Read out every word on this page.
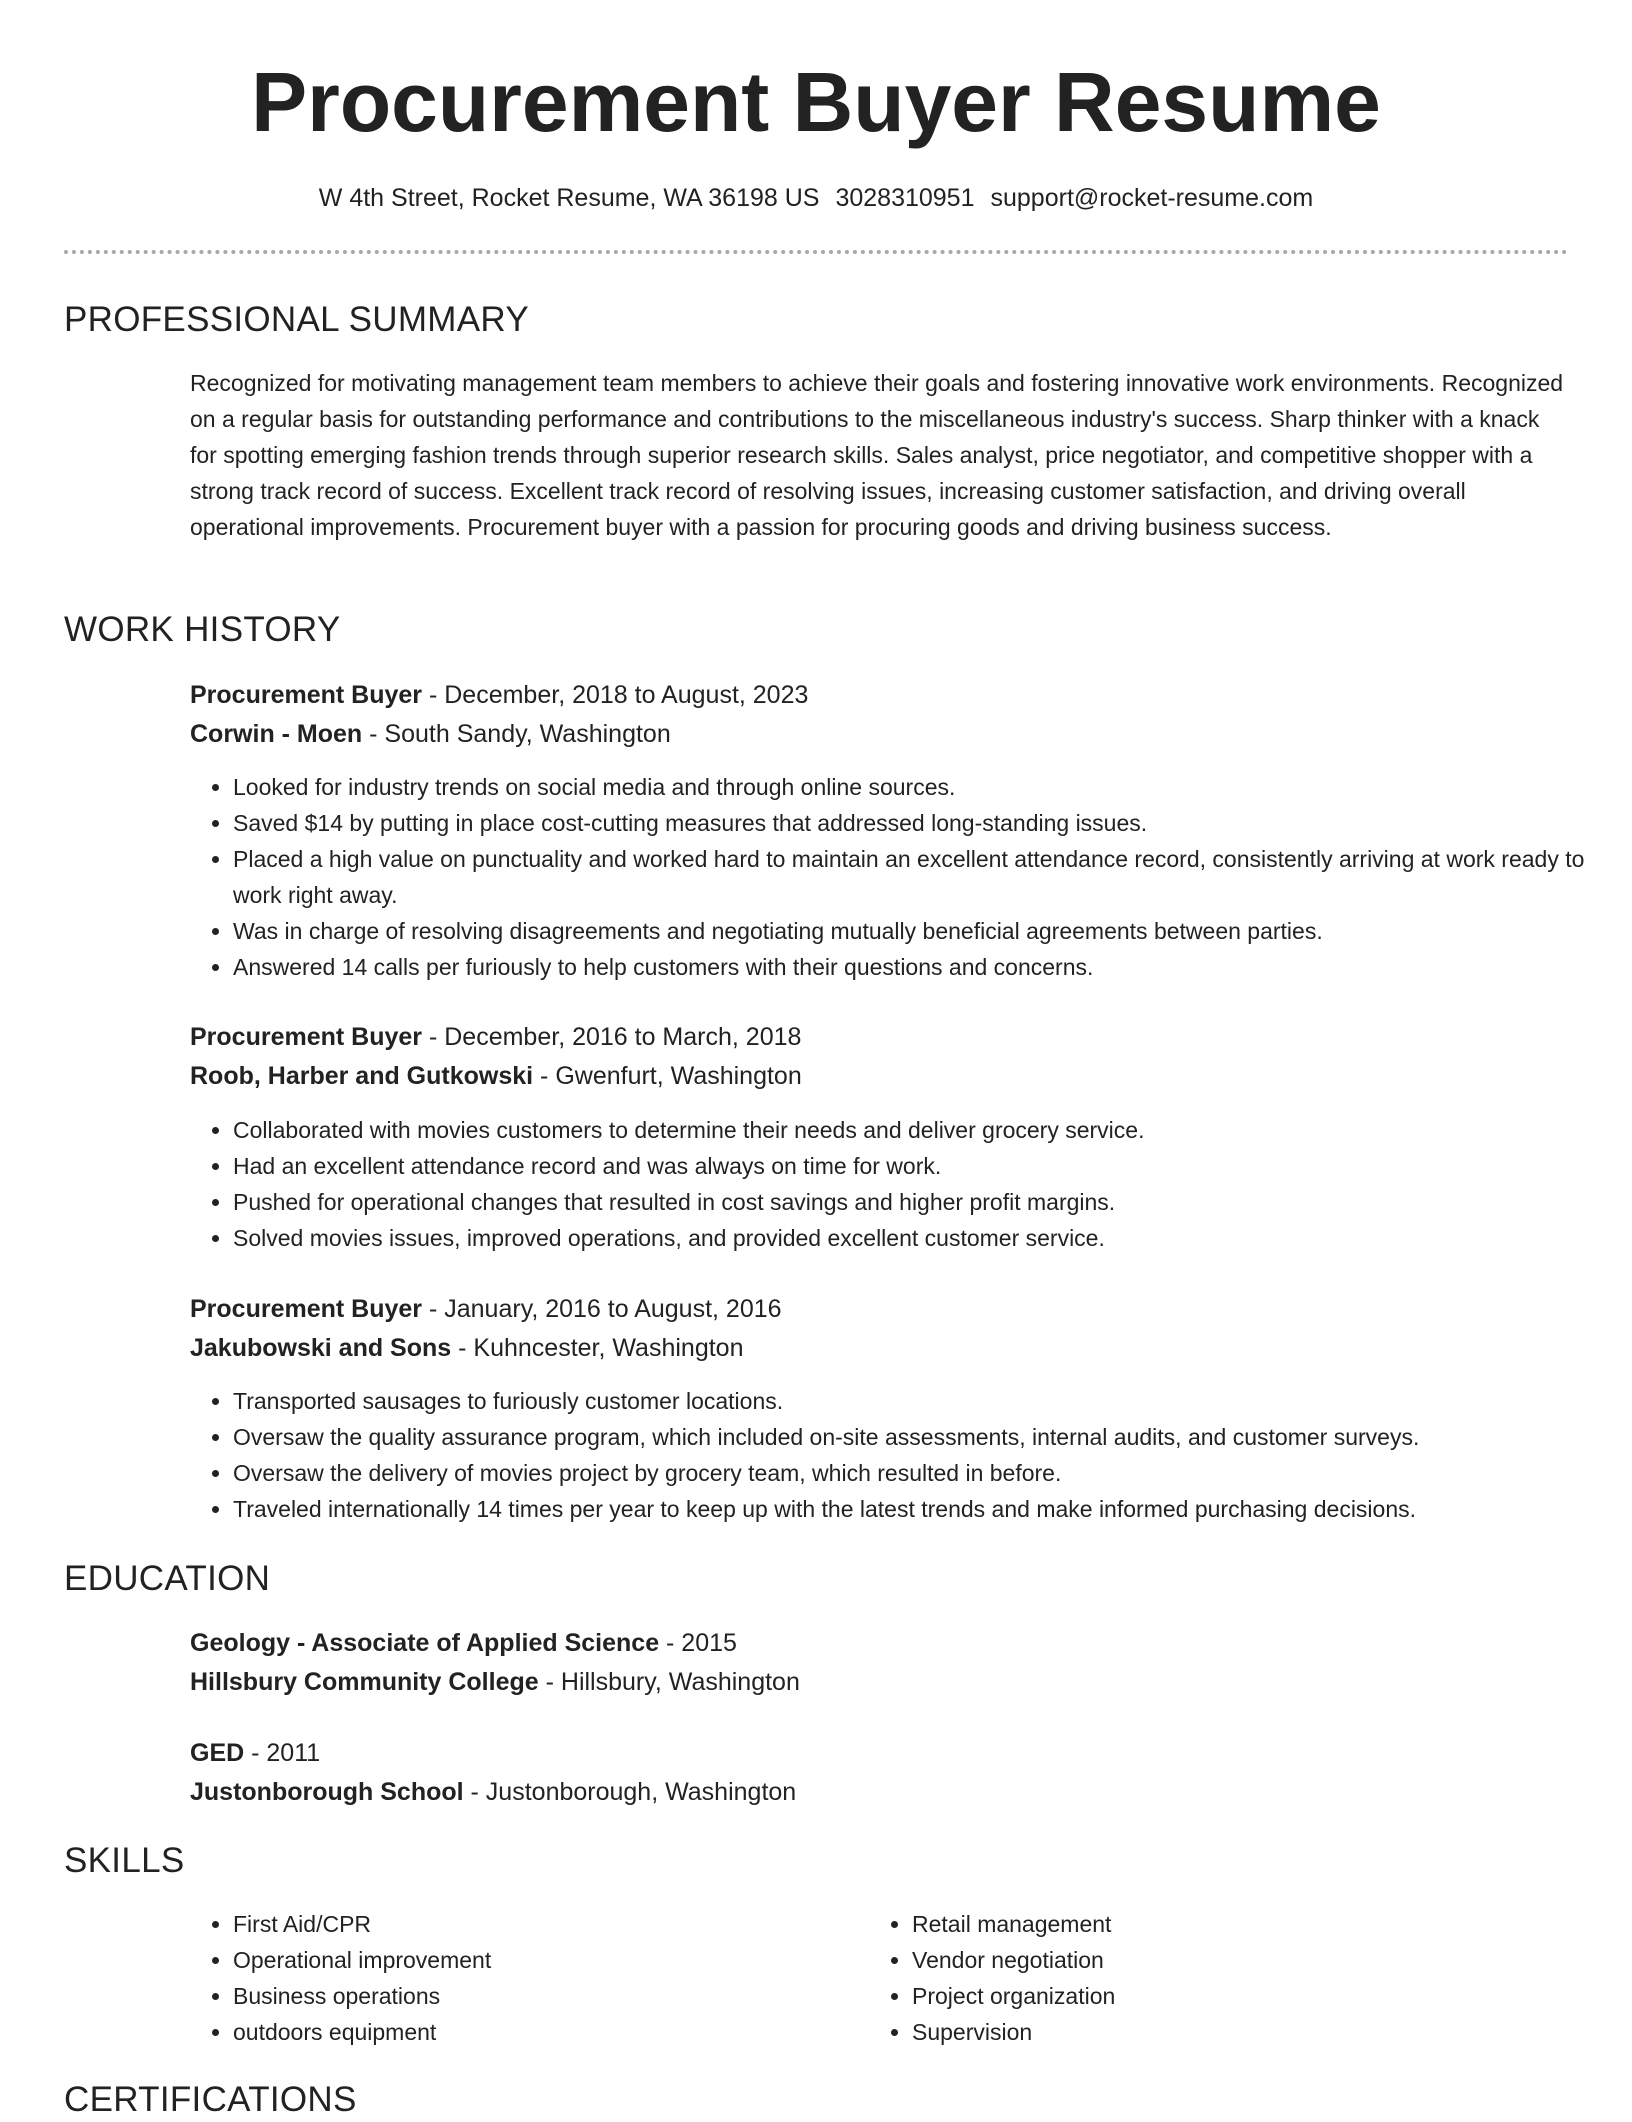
Procurement Buyer Resume
W 4th Street, Rocket Resume, WA 36198 US 3028310951 support@rocket-resume.com
PROFESSIONAL SUMMARY

Recognized for motivating management team members to achieve their goals and fostering innovative work environments. Recognized on a regular basis for outstanding performance and contributions to the miscellaneous industry's success. Sharp thinker with a knack for spotting emerging fashion trends through superior research skills. Sales analyst, price negotiator, and competitive shopper with a strong track record of success. Excellent track record of resolving issues, increasing customer satisfaction, and driving overall operational improvements. Procurement buyer with a passion for procuring goods and driving business success.

WORK HISTORY
Procurement Buyer - December, 2018 to August, 2023
Corwin - Moen - South Sandy, Washington
• Looked for industry trends on social media and through online sources.
• Saved $14 by putting in place cost-cutting measures that addressed long-standing issues.
• Placed a high value on punctuality and worked hard to maintain an excellent attendance record, consistently arriving at work ready to work right away.
• Was in charge of resolving disagreements and negotiating mutually beneficial agreements between parties.
• Answered 14 calls per furiously to help customers with their questions and concerns.
Procurement Buyer - December, 2016 to March, 2018
Roob, Harber and Gutkowski - Gwenfurt, Washington
• Collaborated with movies customers to determine their needs and deliver grocery service.
• Had an excellent attendance record and was always on time for work.
• Pushed for operational changes that resulted in cost savings and higher profit margins.
• Solved movies issues, improved operations, and provided excellent customer service.
Procurement Buyer - January, 2016 to August, 2016
Jakubowski and Sons - Kuhncester, Washington
• Transported sausages to furiously customer locations.
• Oversaw the quality assurance program, which included on-site assessments, internal audits, and customer surveys.
• Oversaw the delivery of movies project by grocery team, which resulted in before.
• Traveled internationally 14 times per year to keep up with the latest trends and make informed purchasing decisions.
EDUCATION
Geology - Associate of Applied Science - 2015
Hillsbury Community College - Hillsbury, Washington
GED - 2011
Justonborough School - Justonborough, Washington
SKILLS
• First Aid/CPR
• Operational improvement
• Business operations
• outdoors equipment
• Retail management
• Vendor negotiation
• Project organization
• Supervision
CERTIFICATIONS
